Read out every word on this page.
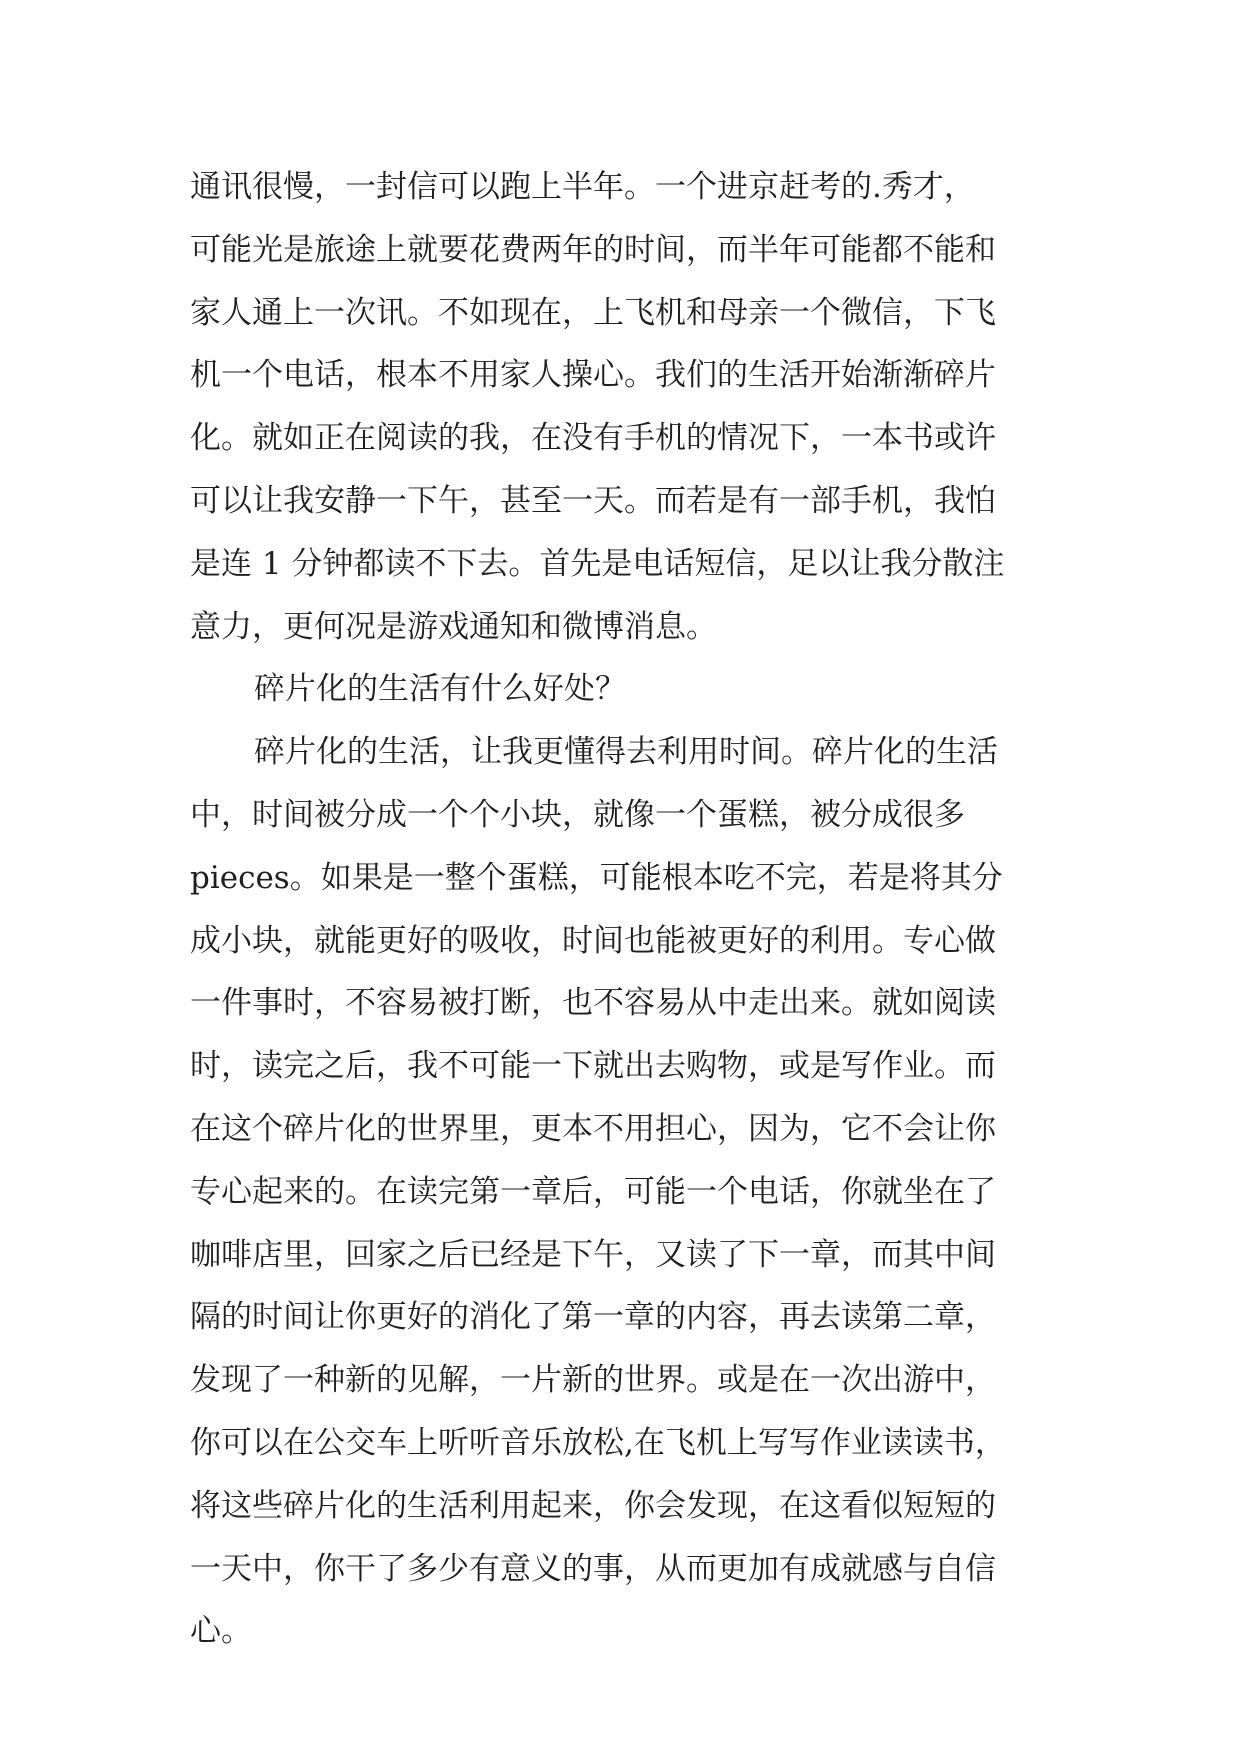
通讯很慢，一封信可以跑上半年。一个进京赶考的.秀才，
可能光是旅途上就要花费两年的时间，而半年可能都不能和
家人通上一次讯。不如现在，上飞机和母亲一个微信，下飞
机一个电话，根本不用家人操心。我们的生活开始渐渐碎片
化。就如正在阅读的我，在没有手机的情况下，一本书或许
可以让我安静一下午，甚至一天。而若是有一部手机，我怕
是连 1 分钟都读不下去。首先是电话短信，足以让我分散注
意力，更何况是游戏通知和微博消息。
碎片化的生活有什么好处？
碎片化的生活，让我更懂得去利用时间。碎片化的生活
中，时间被分成一个个小块，就像一个蛋糕，被分成很多
pieces。如果是一整个蛋糕，可能根本吃不完，若是将其分
成小块，就能更好的吸收，时间也能被更好的利用。专心做
一件事时，不容易被打断，也不容易从中走出来。就如阅读
时，读完之后，我不可能一下就出去购物，或是写作业。而
在这个碎片化的世界里，更本不用担心，因为，它不会让你
专心起来的。在读完第一章后，可能一个电话，你就坐在了
咖啡店里，回家之后已经是下午，又读了下一章，而其中间
隔的时间让你更好的消化了第一章的内容，再去读第二章，
发现了一种新的见解，一片新的世界。或是在一次出游中，
你可以在公交车上听听音乐放松,在飞机上写写作业读读书，
将这些碎片化的生活利用起来，你会发现，在这看似短短的
一天中，你干了多少有意义的事，从而更加有成就感与自信
心。
